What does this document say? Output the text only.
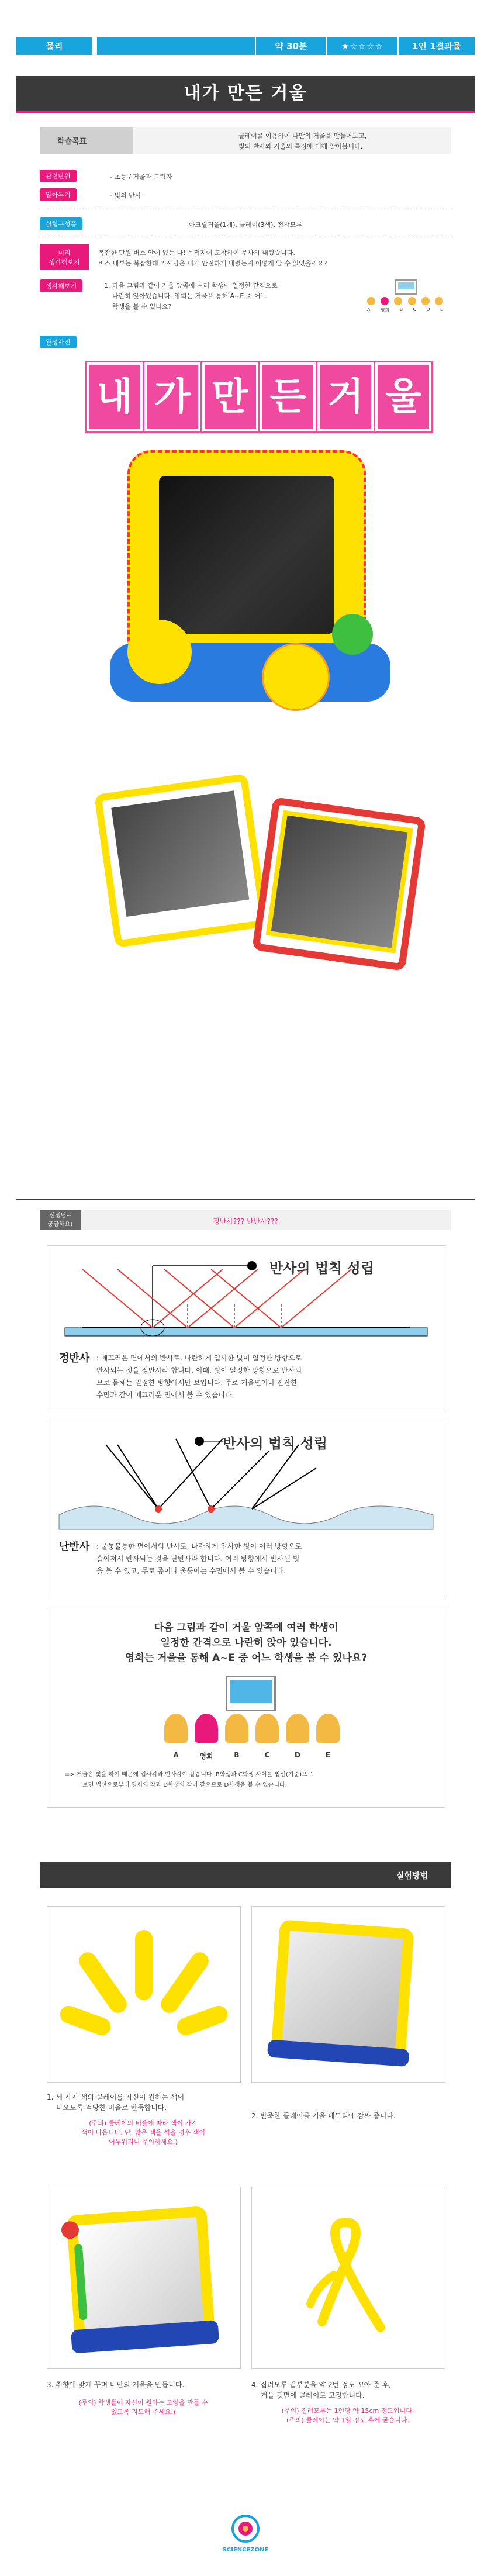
물리	약 30분	★☆☆☆☆	1인 1결과물
내가 만든 거울
학습목표
클레이를 이용하여 나만의 거울을 만들어보고,
빛의 반사와 거울의 특징에 대해 알아봅니다.
관련단원	- 초등 / 거울과 그림자
알아두기	- 빛의 반사
실험구성품	아크릴거울(1개), 클레이(3색), 점착모루
미리
생각해보기
복잡한 만원 버스 안에 있는 나! 목적지에 도착하여 무사히 내렸습니다.
버스 내부는 복잡한데 기사님은 내가 안전하게 내렸는지 어떻게 알 수 있었을까요?
생각해보기	1. 다음 그림과 같이 거울 앞쪽에 여러 학생이 일정한 간격으로
나란히 앉아있습니다. 영희는 거울을 통해 A~E 중 어느
학생을 볼 수 있나요?	A 영희 B C D E
완성사진
내 가 만 든 거 울
선생님~
궁금해요!	정반사??? 난반사???
반사의 법칙 성립
정반사 : 매끄러운 면에서의 반사로, 나란하게 입사한 빛이 일정한 방향으로
반사되는 것을 정반사라 합니다. 이때, 빛이 일정한 방향으로 반사되
므로 물체는 일정한 방향에서만 보입니다. 주로 거울면이나 잔잔한
수면과 같이 매끄러운 면에서 볼 수 있습니다.
반사의 법칙 성립
난반사 : 울퉁불퉁한 면에서의 반사로, 나란하게 입사한 빛이 여러 방향으로
흩어져서 반사되는 것을 난반사라 합니다. 여러 방향에서 반사된 빛
을 볼 수 있고, 주로 종이나 울퉁이는 수면에서 볼 수 있습니다.
다음 그림과 같이 거울 앞쪽에 여러 학생이
일정한 간격으로 나란히 앉아 있습니다.
영희는 거울을 통해 A~E 중 어느 학생을 볼 수 있나요?
A	영희	B	C	D	E
=> 거울은 빛을 하기 때문에 입사각과 반사각이 같습니다. B학생과 C학생 사이를 법선(기준)으로
보면 법선으로부터 영희의 각과 D학생의 각이 같으므로 D학생을 볼 수 있습니다.
실험방법
1. 세 가지 색의 클레이를 자신이 원하는 색이
나오도록 적당한 비율로 반죽합니다.
(주의) 클레이의 비율에 따라 색이 가지
색이 나옵니다. 단, 많은 색을 섞을 경우 색이
어두워지니 주의하세요.)
2. 반죽한 클레이를 거울 테두리에 감싸 줍니다.
3. 취향에 맞게 꾸며 나만의 거울을 만듭니다.
(주의) 학생들이 자신이 원하는 모양을 만들 수
있도록 지도해 주세요.)
4. 집려모루 끝부분을 약 2번 정도 꼬아 준 후,
거울 뒷면에 클레이로 고정합니다.
(주의) 집려모루는 1인당 약 15cm 정도입니다.
(주의) 클레이는 약 1일 정도 후에 굳습니다.
SCIENCEZONE
